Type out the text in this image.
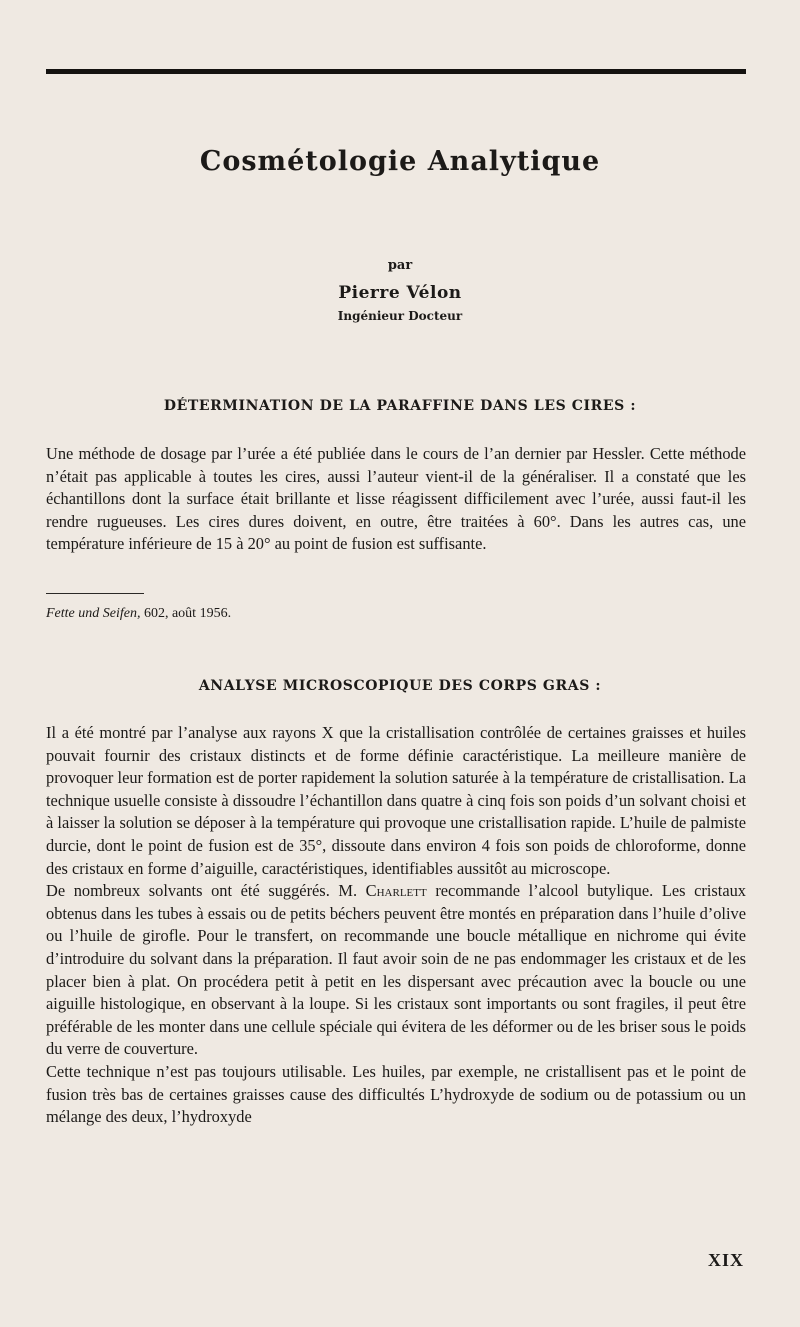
Cosmétologie Analytique
par
Pierre Vélon
Ingénieur Docteur
DÉTERMINATION DE LA PARAFFINE DANS LES CIRES :

Une méthode de dosage par l’urée a été publiée dans le cours de l’an dernier par Hessler. Cette méthode n’était pas applicable à toutes les cires, aussi l’auteur vient-il de la généraliser. Il a constaté que les échantillons dont la surface était brillante et lisse réagissent difficilement avec l’urée, aussi faut-il les rendre rugueuses. Les cires dures doivent, en outre, être traitées à 60°. Dans les autres cas, une température inférieure de 15 à 20° au point de fusion est suffisante.

Fette und Seifen, 602, août 1956.
ANALYSE MICROSCOPIQUE DES CORPS GRAS :

Il a été montré par l’analyse aux rayons X que la cristallisation contrôlée de certaines graisses et huiles pouvait fournir des cristaux distincts et de forme définie caractéristique. La meilleure manière de provoquer leur formation est de porter rapidement la solution saturée à la température de cristallisation. La technique usuelle consiste à dissoudre l’échantillon dans quatre à cinq fois son poids d’un solvant choisi et à laisser la solution se déposer à la température qui provoque une cristallisation rapide. L’huile de palmiste durcie, dont le point de fusion est de 35°, dissoute dans environ 4 fois son poids de chloroforme, donne des cristaux en forme d’aiguille, caractéristiques, identifiables aussitôt au microscope.

De nombreux solvants ont été suggérés. M. Charlett recommande l’alcool butylique. Les cristaux obtenus dans les tubes à essais ou de petits béchers peuvent être montés en préparation dans l’huile d’olive ou l’huile de girofle. Pour le transfert, on recommande une boucle métallique en nichrome qui évite d’introduire du solvant dans la préparation. Il faut avoir soin de ne pas endommager les cristaux et de les placer bien à plat. On procédera petit à petit en les dispersant avec précaution avec la boucle ou une aiguille histologique, en observant à la loupe. Si les cristaux sont importants ou sont fragiles, il peut être préférable de les monter dans une cellule spéciale qui évitera de les déformer ou de les briser sous le poids du verre de couverture.

Cette technique n’est pas toujours utilisable. Les huiles, par exemple, ne cristallisent pas et le point de fusion très bas de certaines graisses cause des difficultés L’hydroxyde de sodium ou de potassium ou un mélange des deux, l’hydroxyde

XIX
